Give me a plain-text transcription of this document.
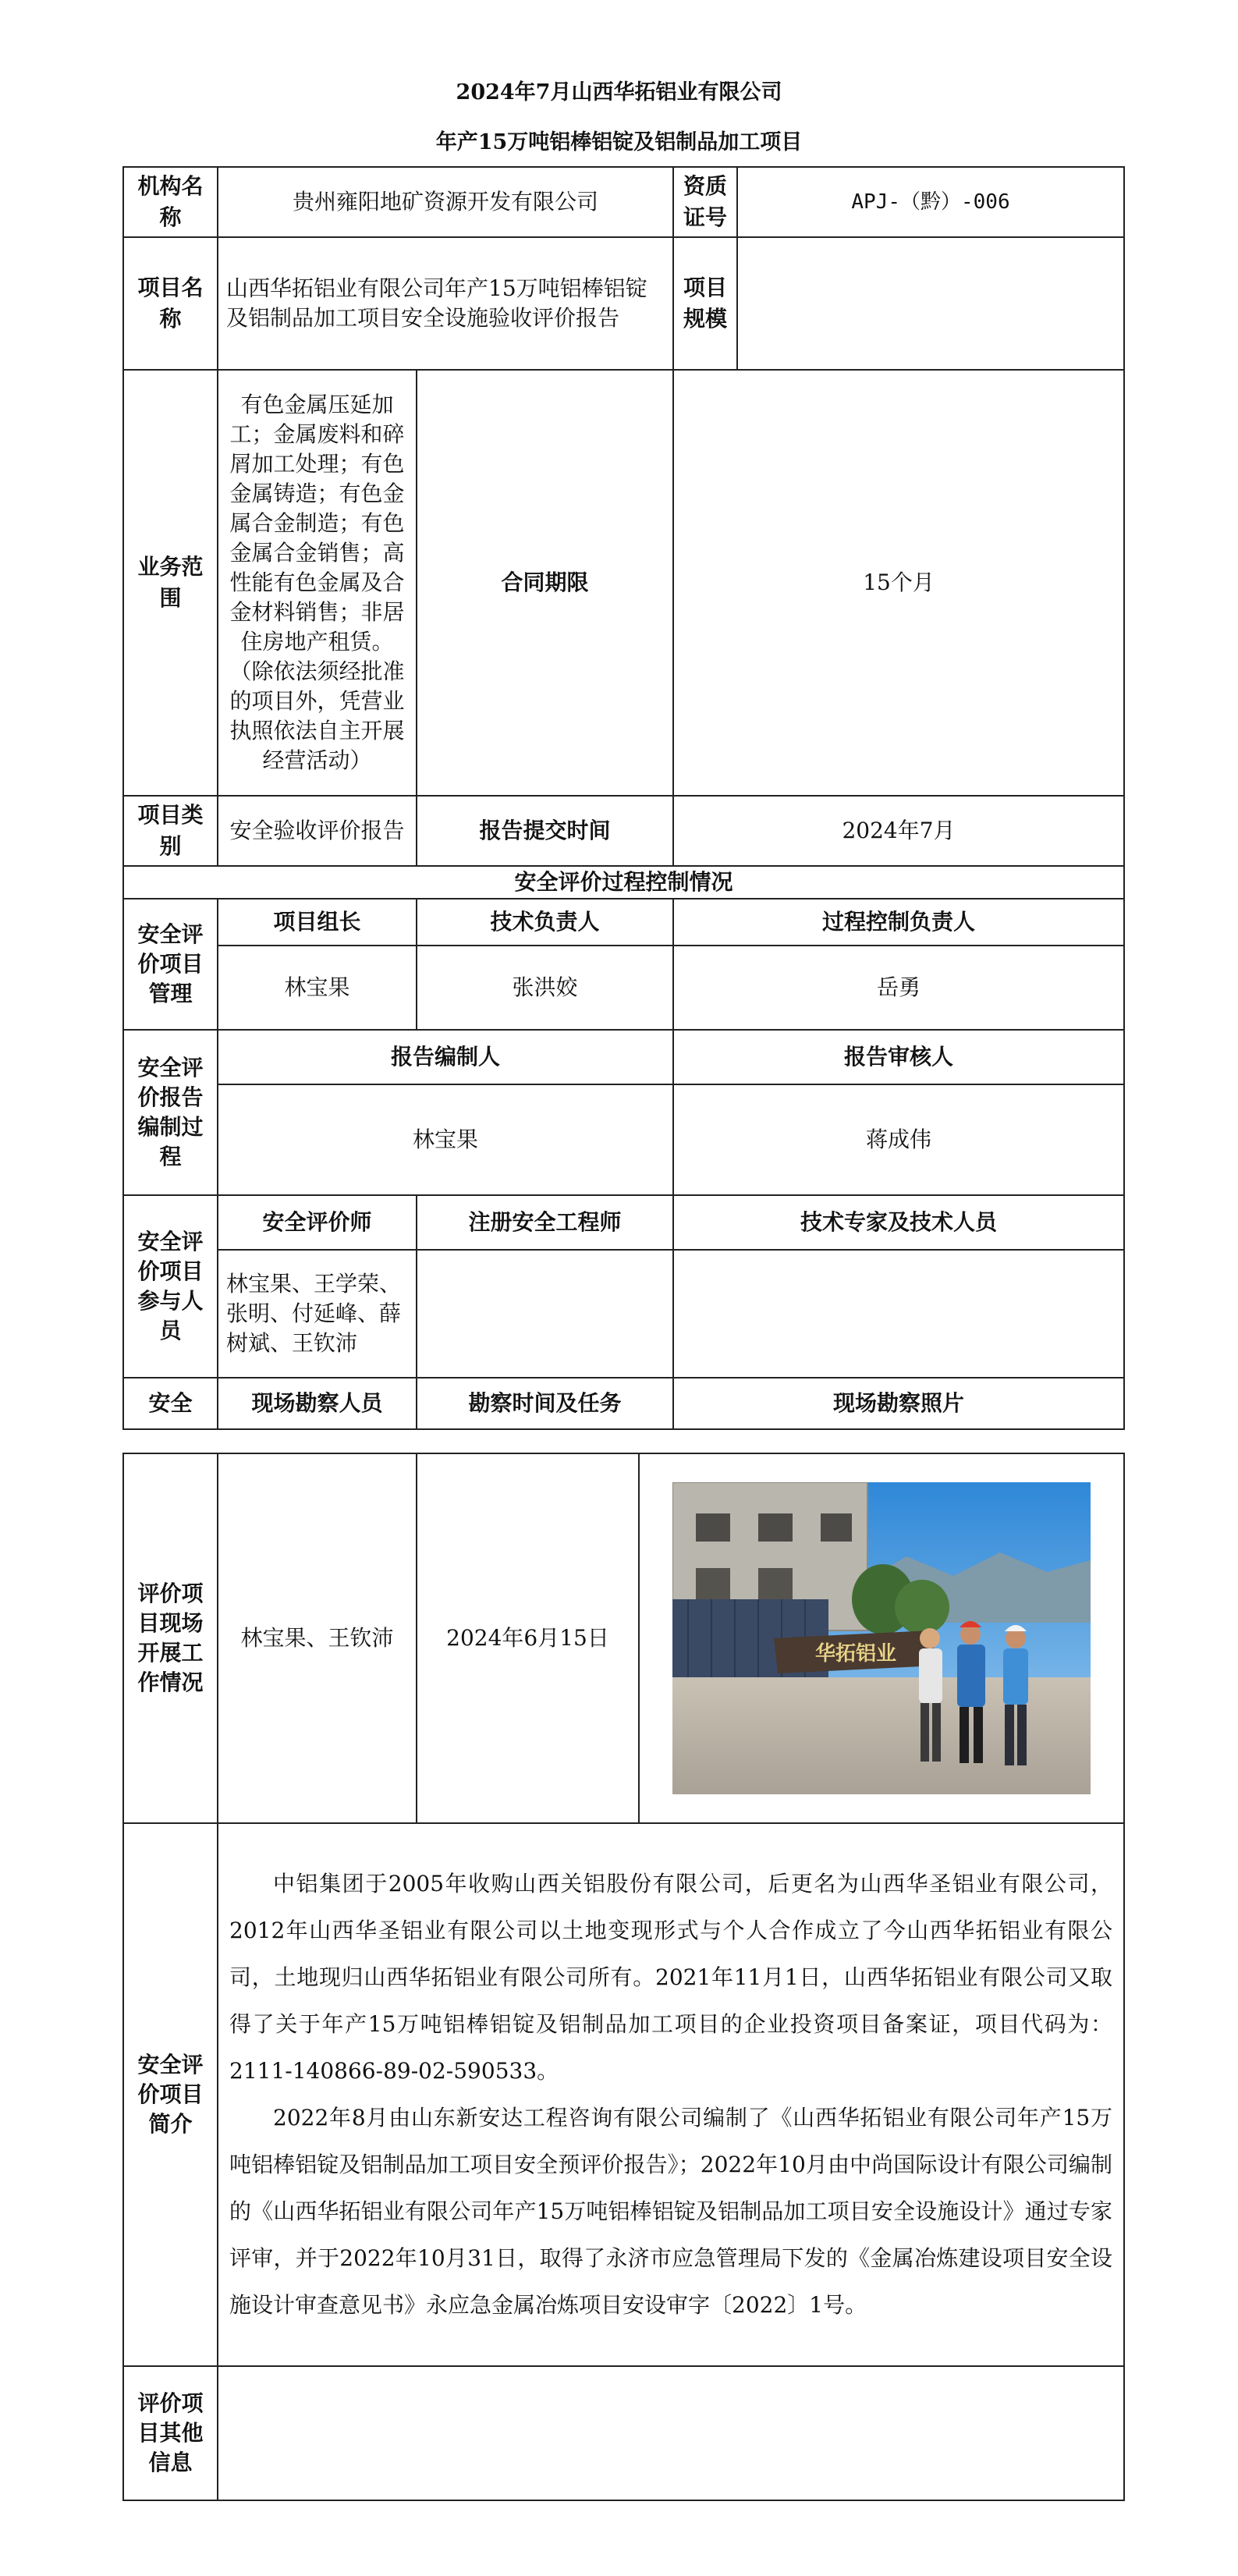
2024年7月山西华拓铝业有限公司
年产15万吨铝棒铝锭及铝制品加工项目
机构名称	贵州雍阳地矿资源开发有限公司		资质证号	APJ-（黔）-006
项目名称	山西华拓铝业有限公司年产15万吨铝棒铝锭及铝制品加工项目安全设施验收评价报告		项目规模	
业务范围	有色金属压延加工；金属废料和碎屑加工处理；有色金属铸造；有色金属合金制造；有色金属合金销售；高性能有色金属及合金材料销售；非居住房地产租赁。（除依法须经批准的项目外，凭营业执照依法自主开展经营活动）	合同期限	15个月	
项目类别	安全验收评价报告	报告提交时间	2024年7月	
安全评价过程控制情况				
安全评价项目管理	项目组长	技术负责人	过程控制负责人	
	林宝果	张洪姣	岳勇	
安全评价报告编制过程	报告编制人		报告审核人	
	林宝果		蒋成伟	
安全评价项目参与人员	安全评价师	注册安全工程师	技术专家及技术人员	
	林宝果、王学荣、张明、付延峰、薛树斌、王钦沛			
安全	现场勘察人员	勘察时间及任务	现场勘察照片	
评价项目现场开展工作情况	林宝果、王钦沛	2024年6月15日	华拓铝业

安全评价项目简介	中铝集团于2005年收购山西关铝股份有限公司，后更名为山西华圣铝业有限公司，2012年山西华圣铝业有限公司以土地变现形式与个人合作成立了今山西华拓铝业有限公司，土地现归山西华拓铝业有限公司所有。2021年11月1日，山西华拓铝业有限公司又取得了关于年产15万吨铝棒铝锭及铝制品加工项目的企业投资项目备案证，项目代码为：2111-140866-89-02-590533。

2022年8月由山东新安达工程咨询有限公司编制了《山西华拓铝业有限公司年产15万吨铝棒铝锭及铝制品加工项目安全预评价报告》；2022年10月由中尚国际设计有限公司编制的《山西华拓铝业有限公司年产15万吨铝棒铝锭及铝制品加工项目安全设施设计》通过专家评审，并于2022年10月31日，取得了永济市应急管理局下发的《金属冶炼建设项目安全设施设计审查意见书》永应急金属冶炼项目安设审字〔2022〕1号。		

评价项目其他信息			
